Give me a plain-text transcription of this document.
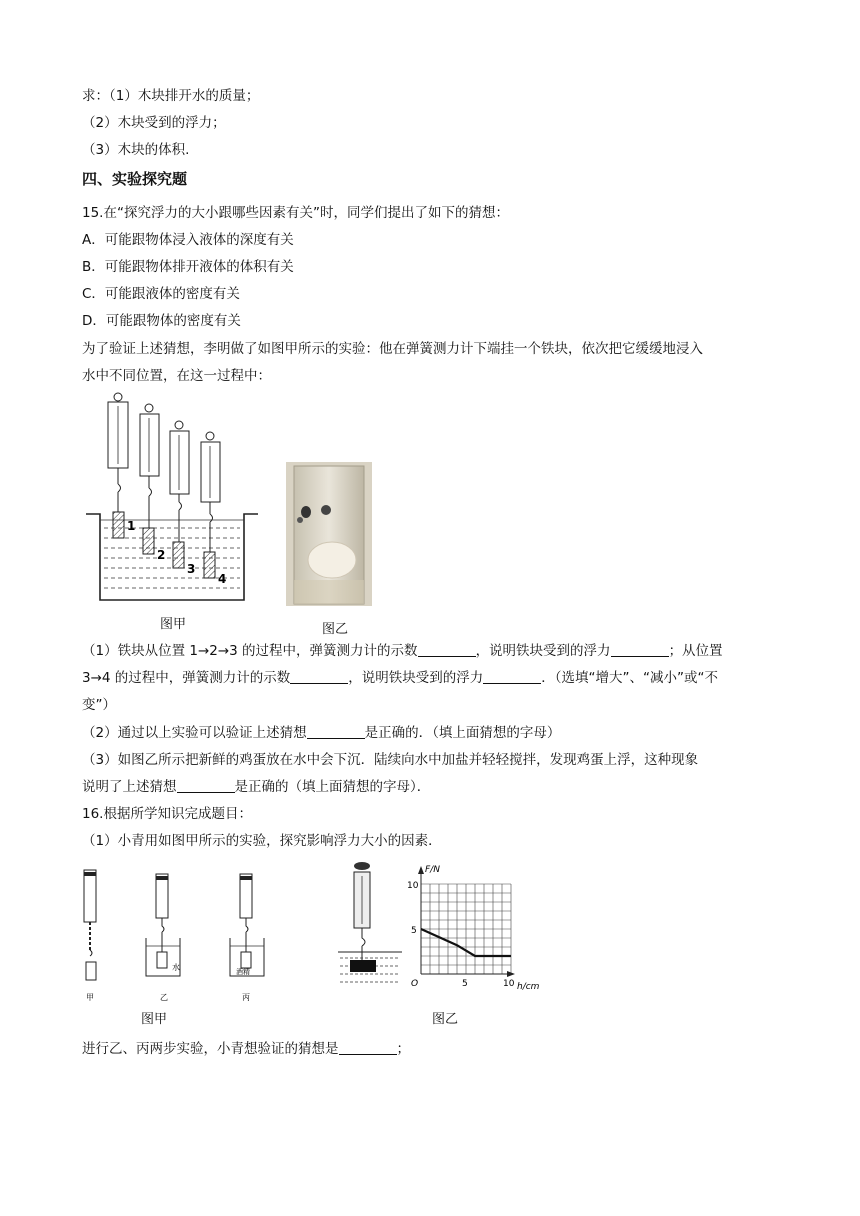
求：（1）木块排开水的质量；
（2）木块受到的浮力；
（3）木块的体积.
四、实验探究题
15.在“探究浮力的大小跟哪些因素有关”时，同学们提出了如下的猜想：
A．可能跟物体浸入液体的深度有关
B．可能跟物体排开液体的体积有关
C．可能跟液体的密度有关
D．可能跟物体的密度有关
为了验证上述猜想，李明做了如图甲所示的实验：他在弹簧测力计下端挂一个铁块，依次把它缓缓地浸入
水中不同位置，在这一过程中：
1
2
3
4
图甲	图乙
（1）铁块从位置 1→2→3 的过程中，弹簧测力计的示数	，说明铁块受到的浮力	；从位置
3→4 的过程中，弹簧测力计的示数	，说明铁块受到的浮力	．（选填“增大”、“减小”或“不
变”）
（2）通过以上实验可以验证上述猜想	是正确的．（填上面猜想的字母）
（3）如图乙所示把新鲜的鸡蛋放在水中会下沉．陆续向水中加盐并轻轻搅拌，发现鸡蛋上浮，这种现象
说明了上述猜想	是正确的（填上面猜想的字母）．
16.根据所学知识完成题目：
（1）小青用如图甲所示的实验，探究影响浮力大小的因素．
水	酒精
甲	乙	丙
图甲
F/N
h/cm
O	5	10
10
5
图乙
进行乙、丙两步实验，小青想验证的猜想是	；
